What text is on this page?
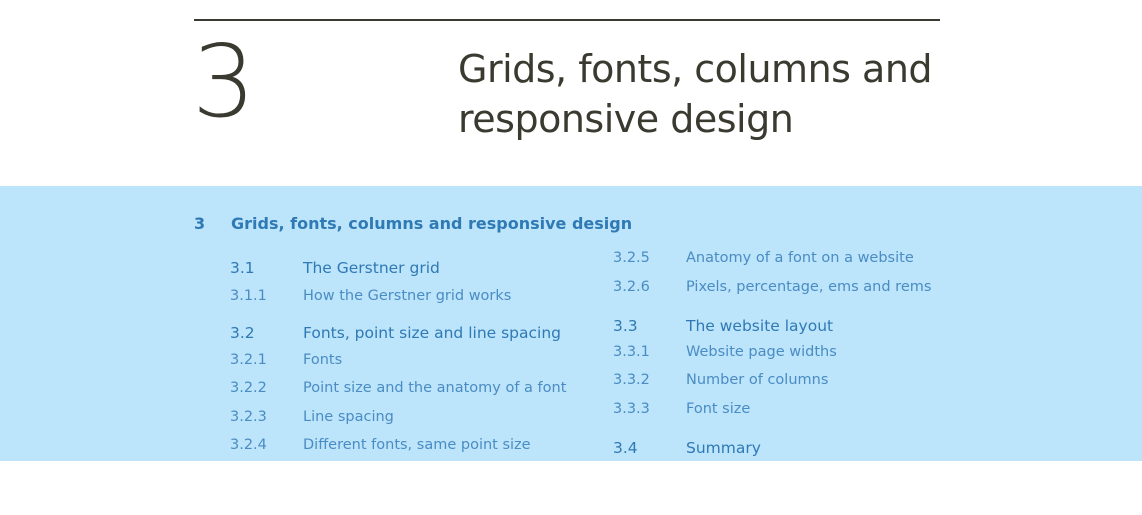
3	Grids, fonts, columns and responsive design
3 Grids, fonts, columns and responsive design
3.1	The Gerstner grid
3.1.1 How the Gerstner grid works
3.2	Fonts, point size and line spacing
3.2.1 Fonts
3.2.2 Point size and the anatomy of a font
3.2.3 Line spacing
3.2.4 Different fonts, same point size
3.2.5 Anatomy of a font on a website
3.2.6 Pixels, percentage, ems and rems
3.3	The website layout
3.3.1 Website page widths
3.3.2 Number of columns
3.3.3 Font size
3.4	Summary
